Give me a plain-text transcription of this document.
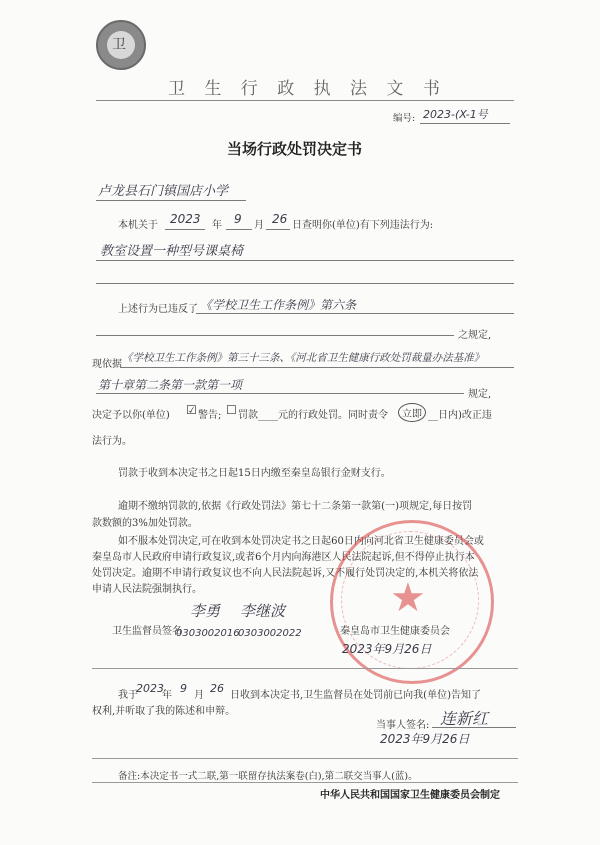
卫
卫 生 行 政 执 法 文 书
编号: 2023-(X-1号
当场行政处罚决定书
卢龙县石门镇国店小学
本机关于 2023 年 9 月 26 日查明你(单位)有下列违法行为:
教室设置一种型号课桌椅
上述行为已违反了 《学校卫生工作条例》第六条
之规定,
现依据
《学校卫生工作条例》第三十三条、《河北省卫生健康行政处罚裁量办法基准》
第十章第二条第一款第一项
规定,
决定予以你(单位) ☑ 警告; ☐ 罚款____元的行政处罚。同时责令	立即 __日内)改正违
法行为。
罚款于收到本决定书之日起15日内缴至秦皇岛银行金财支行。
逾期不缴纳罚款的,依据《行政处罚法》第七十二条第一款第(一)项规定,每日按罚
款数额的3%加处罚款。
如不服本处罚决定,可在收到本处罚决定书之日起60日内向河北省卫生健康委员会或
秦皇岛市人民政府申请行政复议,或者6个月内向海港区人民法院起诉,但不得停止执行本
处罚决定。逾期不申请行政复议也不向人民法院起诉,又不履行处罚决定的,本机关将依法
申请人民法院强制执行。	★
卫生监督员签名
李勇 李继波
0303002016
0303002022	秦皇岛市卫生健康委员会
2023年9月26日
我于
2023
年
9
月
26
日收到本决定书,卫生监督员在处罚前已向我(单位)告知了
权利,并听取了我的陈述和申辩。
当事人签名: 连新红
2023年9月26日
备注:本决定书一式二联,第一联留存执法案卷(白),第二联交当事人(蓝)。
中华人民共和国国家卫生健康委员会制定
